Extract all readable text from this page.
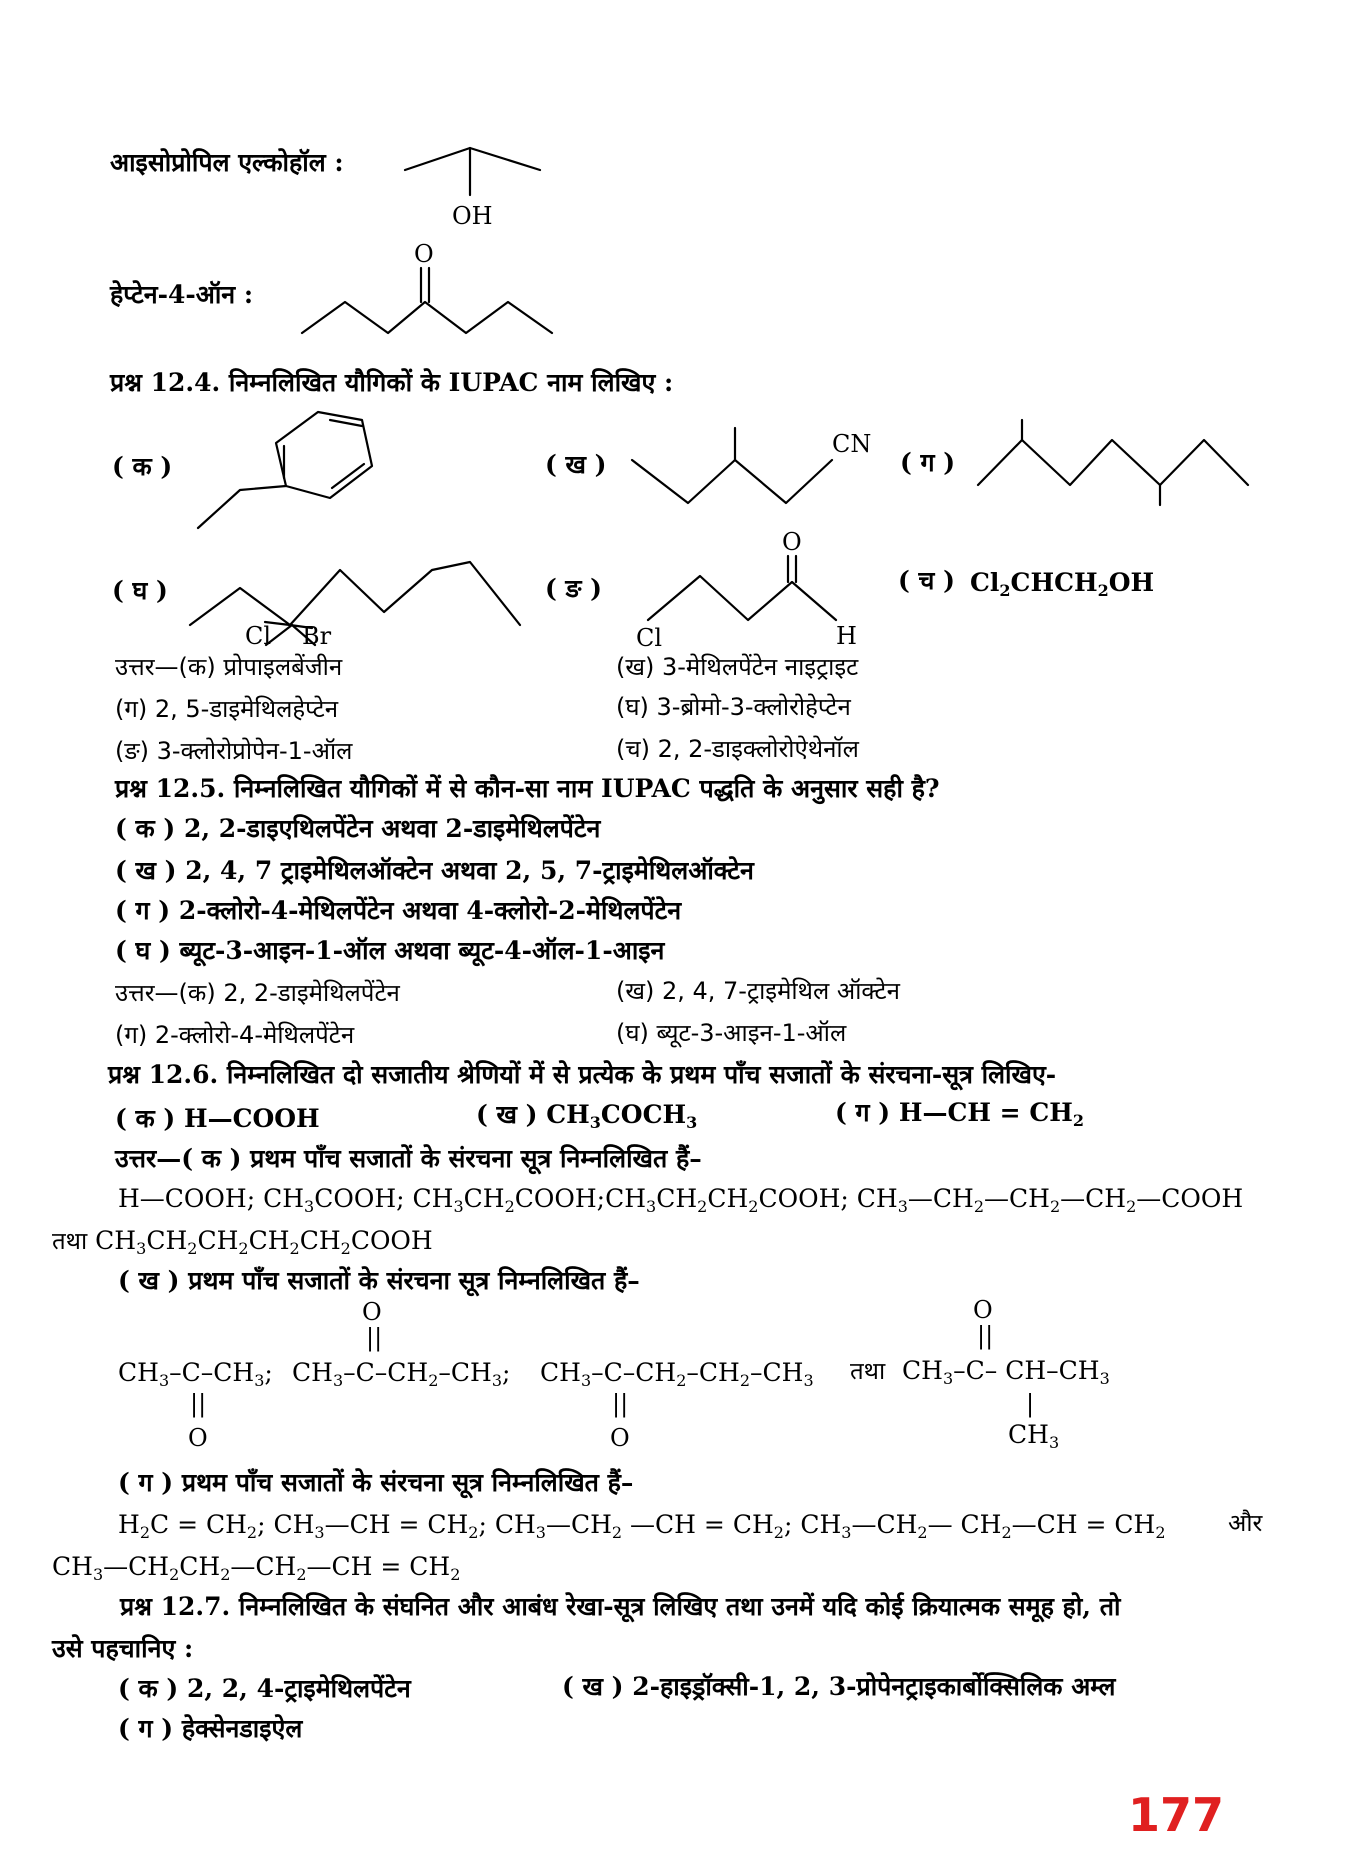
आइसोप्रोपिल एल्कोहॉल :
OH
हेप्टेन-4-ऑन :
O
प्रश्न 12.4. निम्नलिखित यौगिकों के IUPAC नाम लिखिए :
( क )	( ख )
CN
( ग )
( घ )
Cl Br
( ङ )
O
Cl	H
( च ) $Cl_2CHCH_2OH$
उत्तर—(क) प्रोपाइलबेंजीन	(ख) 3-मेथिलपेंटेन नाइट्राइट
(ग) 2, 5-डाइमेथिलहेप्टेन	(घ) 3-ब्रोमो-3-क्लोरोहेप्टेन
(ङ) 3-क्लोरोप्रोपेन-1-ऑल	(च) 2, 2-डाइक्लोरोऐथेनॉल
प्रश्न 12.5. निम्नलिखित यौगिकों में से कौन-सा नाम IUPAC पद्धति के अनुसार सही है?
( क ) 2, 2-डाइएथिलपेंटेन अथवा 2-डाइमेथिलपेंटेन
( ख ) 2, 4, 7 ट्राइमेथिलऑक्टेन अथवा 2, 5, 7-ट्राइमेथिलऑक्टेन
( ग ) 2-क्लोरो-4-मेथिलपेंटेन अथवा 4-क्लोरो-2-मेथिलपेंटेन
( घ ) ब्यूट-3-आइन-1-ऑल अथवा ब्यूट-4-ऑल-1-आइन
उत्तर—(क) 2, 2-डाइमेथिलपेंटेन	(ख) 2, 4, 7-ट्राइमेथिल ऑक्टेन
(ग) 2-क्लोरो-4-मेथिलपेंटेन	(घ) ब्यूट-3-आइन-1-ऑल
प्रश्न 12.6. निम्नलिखित दो सजातीय श्रेणियों में से प्रत्येक के प्रथम पाँच सजातों के संरचना-सूत्र लिखिए-
( क ) H—COOH	( ख ) $CH_3COCH_3$	( ग ) H—CH = $CH_2$
उत्तर—( क ) प्रथम पाँच सजातों के संरचना सूत्र निम्नलिखित हैं–
H—COOH; $CH_3COOH$; $CH_3CH_2COOH;CH_3CH_2CH_2COOH$; $CH_3—CH_2—CH_2—CH_2—COOH$
तथा $CH_3CH_2CH_2CH_2CH_2COOH$
( ख ) प्रथम पाँच सजातों के संरचना सूत्र निम्नलिखित हैं–
O
||
O
||
$CH_3-C-CH_3$; $CH_3-C-CH_2-CH_3$; $CH_3-C-CH_2-CH_2-CH_3$ तथा $CH_3-C-$ $CH-CH_3$
||
O
||
O
|
$CH_3$
( ग ) प्रथम पाँच सजातों के संरचना सूत्र निम्नलिखित हैं–
$H_2C = CH_2$; $CH_3—CH = CH_2$; $CH_3—CH_2$ —CH = $CH_2$; $CH_3—CH_2—$ $CH_2—CH = CH_2$	और
$CH_3—CH_2CH_2—CH_2—CH = CH_2$
प्रश्न 12.7. निम्नलिखित के संघनित और आबंध रेखा-सूत्र लिखिए तथा उनमें यदि कोई क्रियात्मक समूह हो, तो
उसे पहचानिए :
( क ) 2, 2, 4-ट्राइमेथिलपेंटेन	( ख ) 2-हाइड्रॉक्सी-1, 2, 3-प्रोपेनट्राइकार्बोक्सिलिक अम्ल
( ग ) हेक्सेनडाइऐल
177
